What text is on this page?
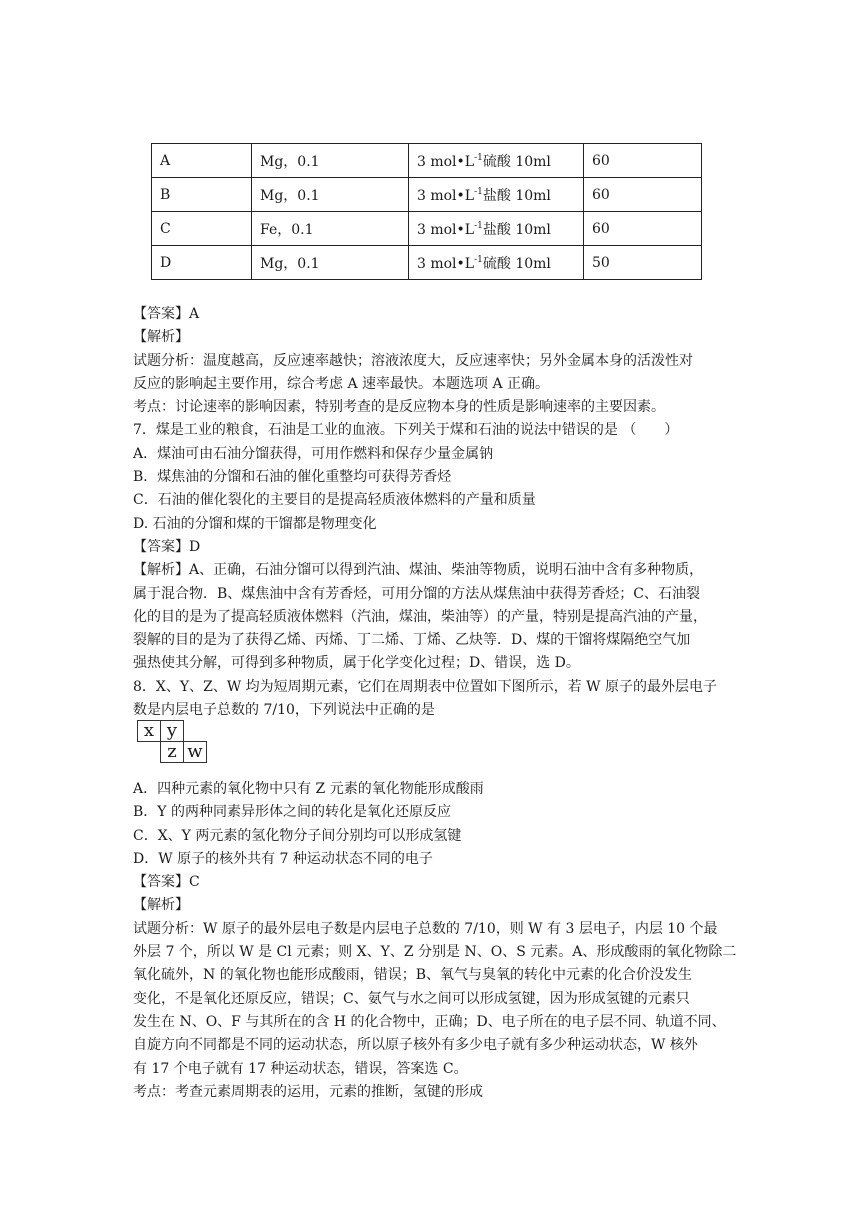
A	Mg，0.1	3 $mol•L^{-1}$硫酸 10ml	60
B	Mg，0.1	3 $mol•L^{-1}$盐酸 10ml	60
C	Fe，0.1	3 $mol•L^{-1}$盐酸 10ml	60
D	Mg，0.1	3 $mol•L^{-1}$硫酸 10ml	50

【答案】A

【解析】

试题分析：温度越高，反应速率越快；溶液浓度大，反应速率快；另外金属本身的活泼性对

反应的影响起主要作用，综合考虑 A 速率最快。本题选项 A 正确。

考点：讨论速率的影响因素，特别考查的是反应物本身的性质是影响速率的主要因素。

7．煤是工业的粮食，石油是工业的血液。下列关于煤和石油的说法中错误的是 （　　）

A．煤油可由石油分馏获得，可用作燃料和保存少量金属钠

B．煤焦油的分馏和石油的催化重整均可获得芳香烃

C．石油的催化裂化的主要目的是提高轻质液体燃料的产量和质量

D. 石油的分馏和煤的干馏都是物理变化

【答案】D

【解析】A、正确，石油分馏可以得到汽油、煤油、柴油等物质，说明石油中含有多种物质，

属于混合物．B、煤焦油中含有芳香烃，可用分馏的方法从煤焦油中获得芳香烃；C、石油裂

化的目的是为了提高轻质液体燃料（汽油，煤油，柴油等）的产量，特别是提高汽油的产量，

裂解的目的是为了获得乙烯、丙烯、丁二烯、丁烯、乙炔等．D、煤的干馏将煤隔绝空气加

强热使其分解，可得到多种物质，属于化学变化过程；D、错误，选 D。

8．X、Y、Z、W 均为短周期元素，它们在周期表中位置如下图所示，若 W 原子的最外层电子

数是内层电子总数的 7/10，下列说法中正确的是

x	y	
	z	w

A．四种元素的氧化物中只有 Z 元素的氧化物能形成酸雨

B．Y 的两种同素异形体之间的转化是氧化还原反应

C．X、Y 两元素的氢化物分子间分别均可以形成氢键

D．W 原子的核外共有 7 种运动状态不同的电子

【答案】C

【解析】

试题分析：W 原子的最外层电子数是内层电子总数的 7/10，则 W 有 3 层电子，内层 10 个最

外层 7 个，所以 W 是 Cl 元素；则 X、Y、Z 分别是 N、O、S 元素。A、形成酸雨的氧化物除二

氧化硫外，N 的氧化物也能形成酸雨，错误；B、氧气与臭氧的转化中元素的化合价没发生

变化，不是氧化还原反应，错误；C、氨气与水之间可以形成氢键，因为形成氢键的元素只

发生在 N、O、F 与其所在的含 H 的化合物中，正确；D、电子所在的电子层不同、轨道不同、

自旋方向不同都是不同的运动状态，所以原子核外有多少电子就有多少种运动状态，W 核外

有 17 个电子就有 17 种运动状态，错误，答案选 C。

考点：考查元素周期表的运用，元素的推断，氢键的形成
